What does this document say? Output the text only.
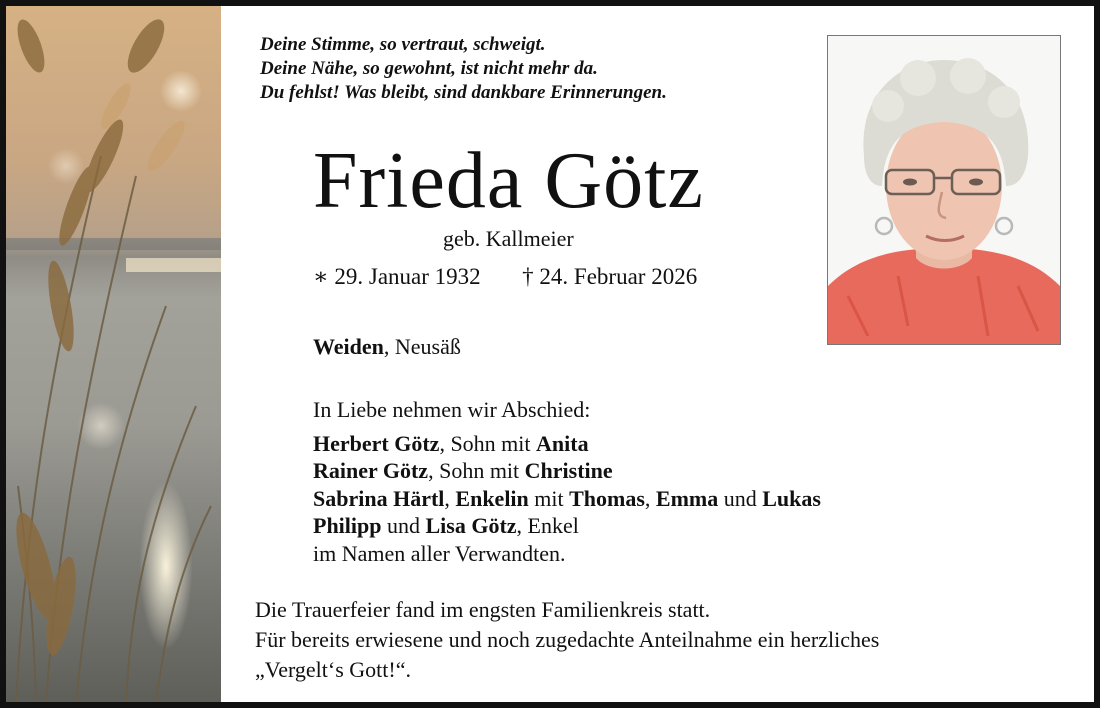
Deine Stimme, so vertraut, schweigt.
Deine Nähe, so gewohnt, ist nicht mehr da.
Du fehlst! Was bleibt, sind dankbare Erinnerungen.
Frieda Götz
geb. Kallmeier
∗ 29. Januar 1932 † 24. Februar 2026
Weiden, Neusäß
In Liebe nehmen wir Abschied:
Herbert Götz, Sohn mit Anita
Rainer Götz, Sohn mit Christine
Sabrina Härtl, Enkelin mit Thomas, Emma und Lukas
Philipp und Lisa Götz, Enkel
im Namen aller Verwandten.
Die Trauerfeier fand im engsten Familienkreis statt.
Für bereits erwiesene und noch zugedachte Anteilnahme ein herzliches
„Vergelt‘s Gott!“.
